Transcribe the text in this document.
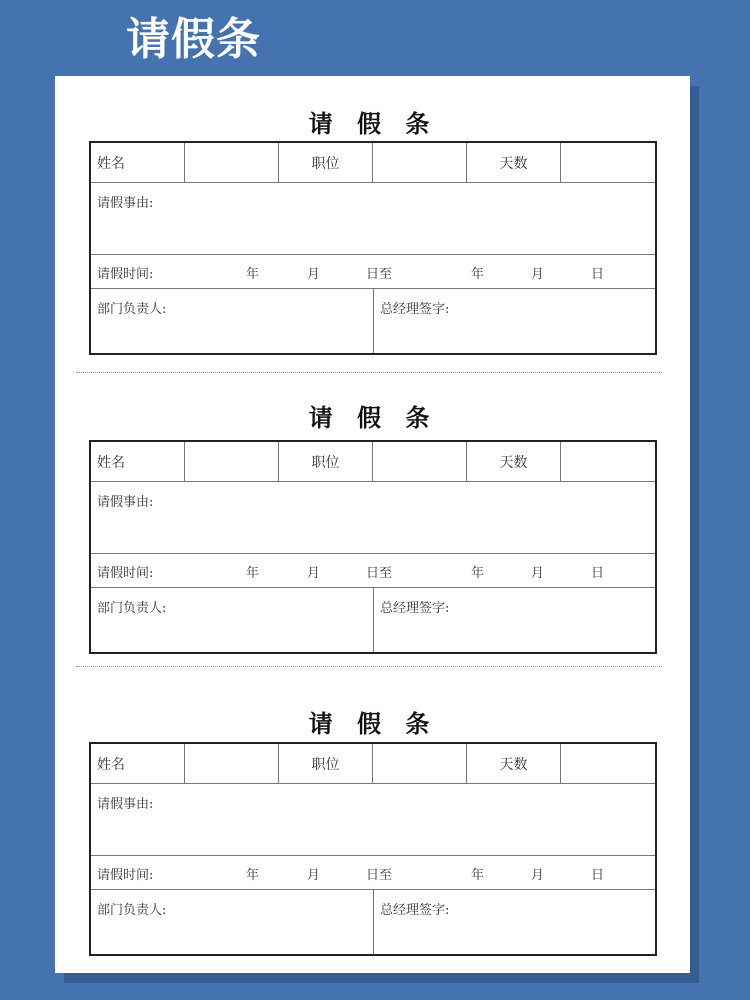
请假条
请 假 条
姓名	职位	天数
请假事由:
请假时间:	年	月	日至	年	月	日
部门负责人:	总经理签字:
请 假 条
姓名	职位	天数
请假事由:
请假时间:	年	月	日至	年	月	日
部门负责人:	总经理签字:
请 假 条
姓名	职位	天数
请假事由:
请假时间:	年	月	日至	年	月	日
部门负责人:	总经理签字:
